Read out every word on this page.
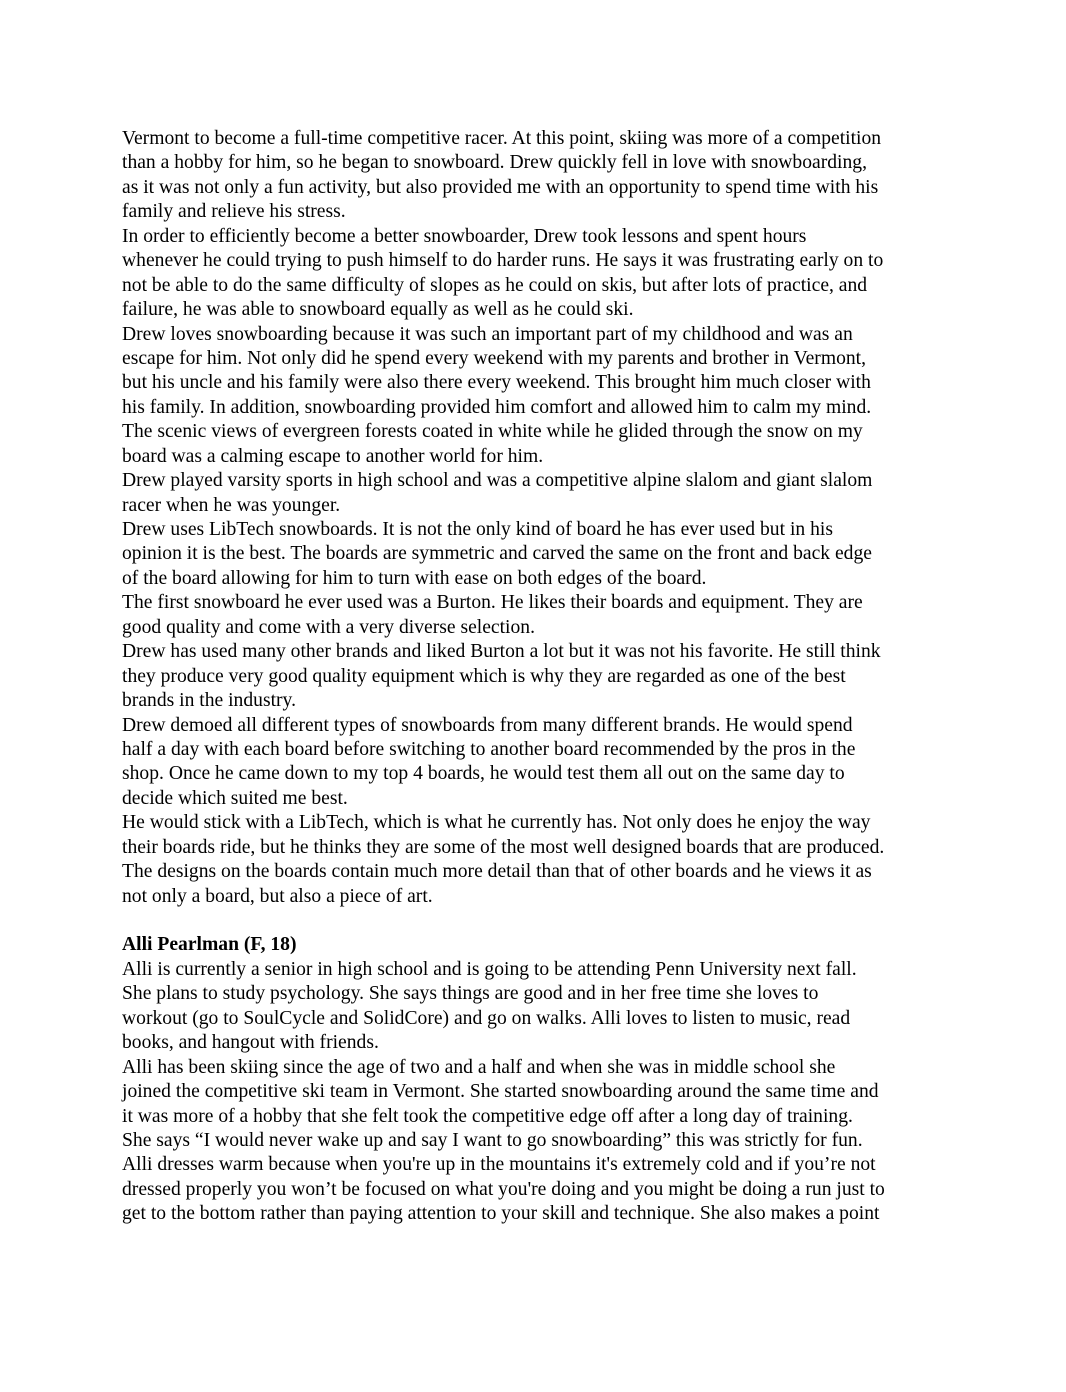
Vermont to become a full-time competitive racer. At this point, skiing was more of a competition
than a hobby for him, so he began to snowboard. Drew quickly fell in love with snowboarding,
as it was not only a fun activity, but also provided me with an opportunity to spend time with his
family and relieve his stress.

In order to efficiently become a better snowboarder, Drew took lessons and spent hours
whenever he could trying to push himself to do harder runs. He says it was frustrating early on to
not be able to do the same difficulty of slopes as he could on skis, but after lots of practice, and
failure, he was able to snowboard equally as well as he could ski.

Drew loves snowboarding because it was such an important part of my childhood and was an
escape for him. Not only did he spend every weekend with my parents and brother in Vermont,
but his uncle and his family were also there every weekend. This brought him much closer with
his family. In addition, snowboarding provided him comfort and allowed him to calm my mind.
The scenic views of evergreen forests coated in white while he glided through the snow on my
board was a calming escape to another world for him.

Drew played varsity sports in high school and was a competitive alpine slalom and giant slalom
racer when he was younger.

Drew uses LibTech snowboards. It is not the only kind of board he has ever used but in his
opinion it is the best. The boards are symmetric and carved the same on the front and back edge
of the board allowing for him to turn with ease on both edges of the board.

The first snowboard he ever used was a Burton. He likes their boards and equipment. They are
good quality and come with a very diverse selection.

Drew has used many other brands and liked Burton a lot but it was not his favorite. He still think
they produce very good quality equipment which is why they are regarded as one of the best
brands in the industry.

Drew demoed all different types of snowboards from many different brands. He would spend
half a day with each board before switching to another board recommended by the pros in the
shop. Once he came down to my top 4 boards, he would test them all out on the same day to
decide which suited me best.

He would stick with a LibTech, which is what he currently has. Not only does he enjoy the way
their boards ride, but he thinks they are some of the most well designed boards that are produced.
The designs on the boards contain much more detail than that of other boards and he views it as
not only a board, but also a piece of art.

Alli Pearlman (F, 18)

Alli is currently a senior in high school and is going to be attending Penn University next fall.
She plans to study psychology. She says things are good and in her free time she loves to
workout (go to SoulCycle and SolidCore) and go on walks. Alli loves to listen to music, read
books, and hangout with friends.

Alli has been skiing since the age of two and a half and when she was in middle school she
joined the competitive ski team in Vermont. She started snowboarding around the same time and
it was more of a hobby that she felt took the competitive edge off after a long day of training.
She says “I would never wake up and say I want to go snowboarding” this was strictly for fun.

Alli dresses warm because when you're up in the mountains it's extremely cold and if you’re not
dressed properly you won’t be focused on what you're doing and you might be doing a run just to
get to the bottom rather than paying attention to your skill and technique. She also makes a point
